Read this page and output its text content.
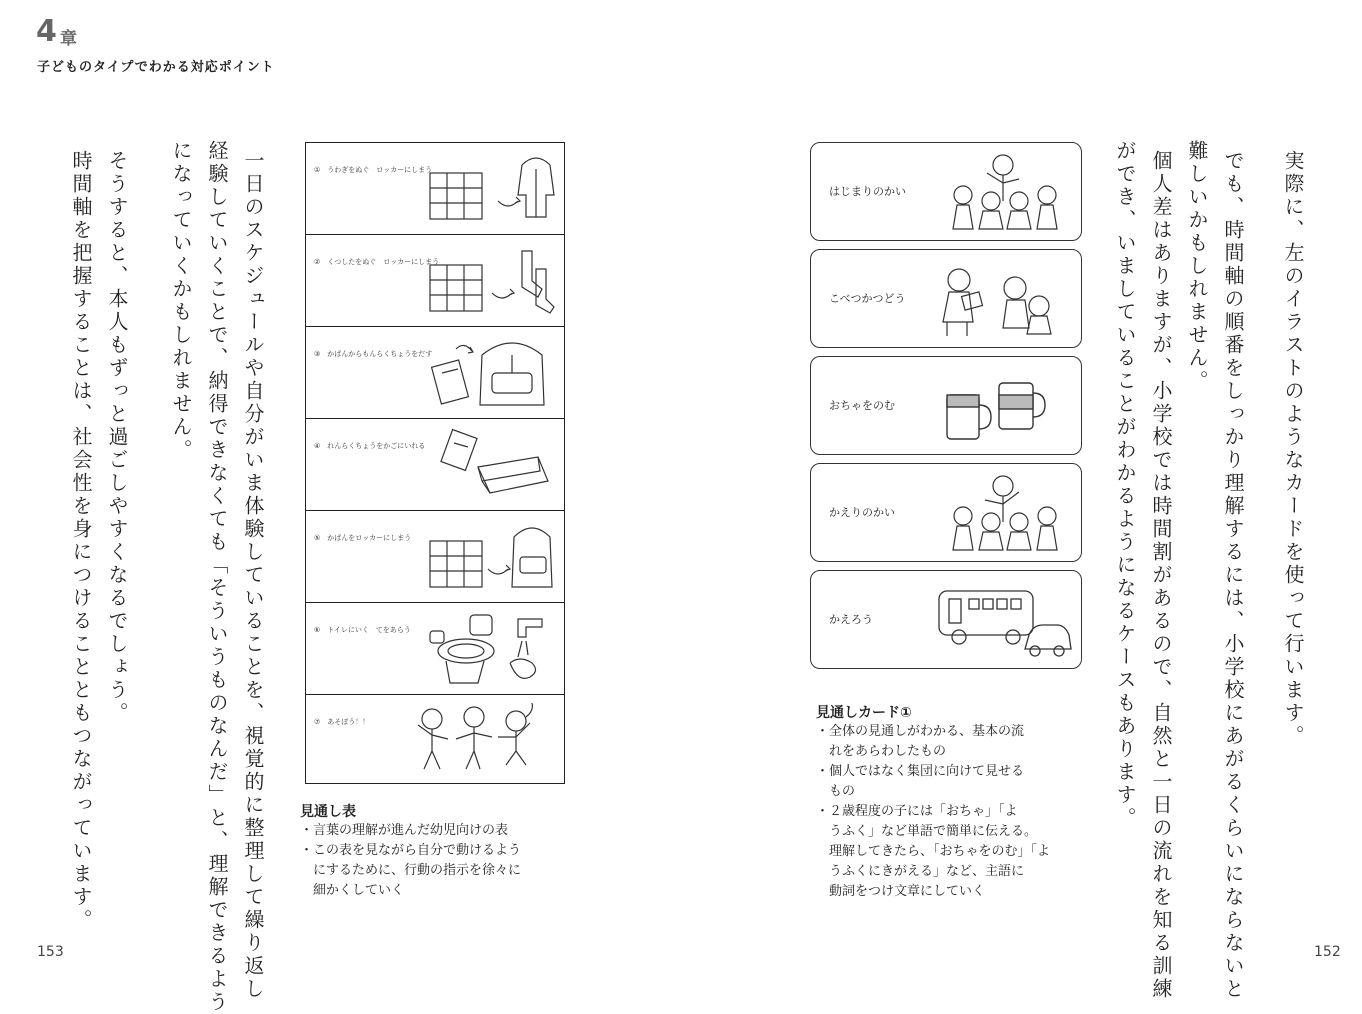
4 章
子どものタイプでわかる対応ポイント
一日のスケジュールや自分がいま体験していることを、視覚的に整理して繰り返し
経験していくことで、納得できなくても「そういうものなんだ」と、理解できるよう
になっていくかもしれません。
そうすると、本人もずっと過ごしやすくなるでしょう。
時間軸を把握することは、社会性を身につけることともつながっています。	①　うわぎをぬぐ　ロッカーにしまう
②　くつしたをぬぐ　ロッカーにしまう
③　かばんからもんらくちょうをだす
④　れんらくちょうをかごにいれる
⑤　かばんをロッカーにしまう
⑥　トイレにいく　てをあらう
⑦　あそぼう！！
見通し表
・言葉の理解が進んだ幼児向けの表
・この表を見ながら自分で動けるよう
　にするために、行動の指示を徐々に
　細かくしていく
153
はじまりのかい
こべつかつどう
おちゃをのむ
かえりのかい
かえろう
見通しカード①
・全体の見通しがわかる、基本の流
　れをあらわしたもの
・個人ではなく集団に向けて見せる
　もの
・２歳程度の子には「おちゃ」「よ
　うふく」など単語で簡単に伝える。
　理解してきたら、「おちゃをのむ」「よ
　うふくにきがえる」など、主語に
　動詞をつけ文章にしていく
実際に、左のイラストのようなカードを使って行います。
でも、時間軸の順番をしっかり理解するには、小学校にあがるくらいにならないと
難しいかもしれません。
個人差はありますが、小学校では時間割があるので、自然と一日の流れを知る訓練
ができ、いましていることがわかるようになるケースもあります。
152
